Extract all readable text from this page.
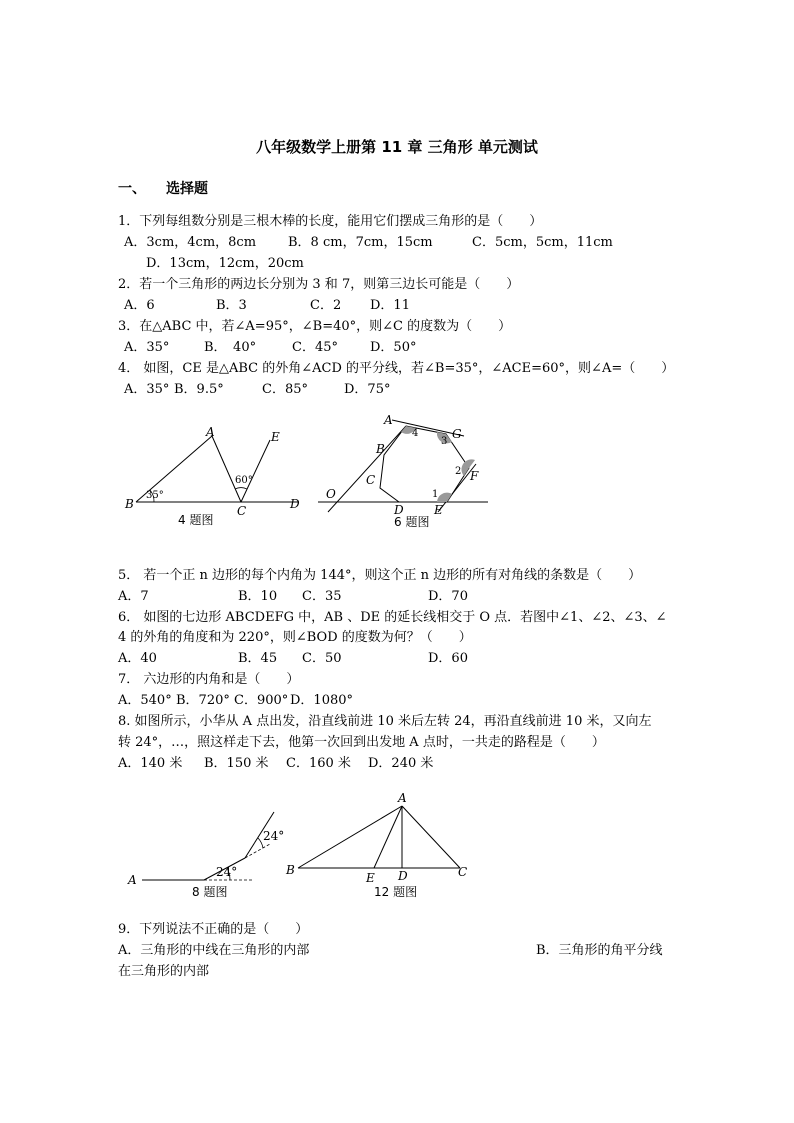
八年级数学上册第 11 章 三角形 单元测试
一、 选择题
1．下列每组数分别是三根木棒的长度，能用它们摆成三角形的是（　　）
A．3cm，4cm，8cm B．8 cm，7cm，15cm	C．5cm，5cm，11cm
D．13cm，12cm，20cm
2．若一个三角形的两边长分别为 3 和 7，则第三边长可能是（　　）
A．6	B．3	C．2 D．11
3．在△ABC 中，若∠A=95°，∠B=40°，则∠C 的度数为（　　）
A．35°	B．　40°	C．45° D．50°
4． 如图，CE 是△ABC 的外角∠ACD 的平分线，若∠B=35°，∠ACE=60°，则∠A=（　　）
A．35° B．9.5°	C．85°	D．75°
A
B	C	D
E
35°
60°
4 题图
A
B
C
D	E
F
G
O	1
2
3
4
6 题图
5． 若一个正 n 边形的每个内角为 144°，则这个正 n 边形的所有对角线的条数是（　　）
A．7	B．10 C．35	D．70
6． 如图的七边形 ABCDEFG 中，AB 、DE 的延长线相交于 O 点．若图中∠1、∠2、∠3、∠
4 的外角的角度和为 220°，则∠BOD 的度数为何？（　　）
A．40	B．45 C．50	D．60
7． 六边形的内角和是（　　）
A．540° B．720° C．900° D．1080°
8. 如图所示，小华从 A 点出发，沿直线前进 10 米后左转 24，再沿直线前进 10 米，又向左
转 24°，…，照这样走下去，他第一次回到出发地 A 点时，一共走的路程是（　　）
A．140 米 B．150 米 C．160 米 D．240 米
A
24°
24°
8 题图
A
B	C
D
E
12 题图
9．下列说法不正确的是（　　）
A．三角形的中线在三角形的内部	B．三角形的角平分线
在三角形的内部
